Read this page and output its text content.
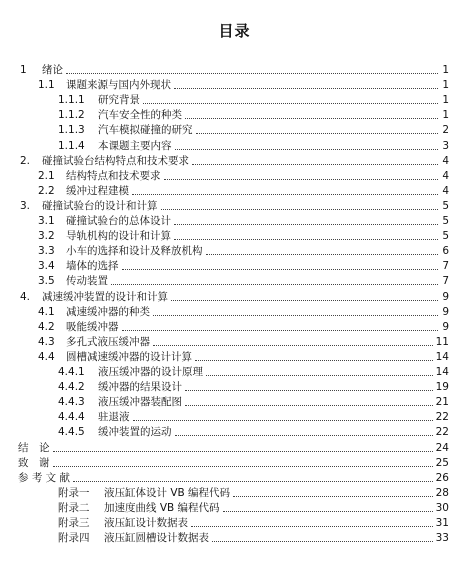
目录
1	绪论	1
1.1	课题来源与国内外现状	1
1.1.1	研究背景	1
1.1.2	汽车安全性的种类	1
1.1.3	汽车模拟碰撞的研究	2
1.1.4	本课题主要内容	3
2.	碰撞试验台结构特点和技术要求	4
2.1	结构特点和技术要求	4
2.2	缓冲过程建模	4
3.	碰撞试验台的设计和计算	5
3.1	碰撞试验台的总体设计	5
3.2	导轨机构的设计和计算	5
3.3	小车的选择和设计及释放机构	6
3.4	墙体的选择	7
3.5	传动装置	7
4.	减速缓冲装置的设计和计算	9
4.1	减速缓冲器的种类	9
4.2	吸能缓冲器	9
4.3	多孔式液压缓冲器	11
4.4	圆槽减速缓冲器的设计计算	14
4.4.1	液压缓冲器的设计原理	14
4.4.2	缓冲器的结果设计	19
4.4.3	液压缓冲器装配图	21
4.4.4	驻退液	22
4.4.5	缓冲装置的运动	22
结　论	24
致　谢	25
参 考 文 献	26
附录一	液压缸体设计 VB 编程代码	28
附录二	加速度曲线 VB 编程代码	30
附录三	液压缸设计数据表	31
附录四	液压缸圆槽设计数据表	33
